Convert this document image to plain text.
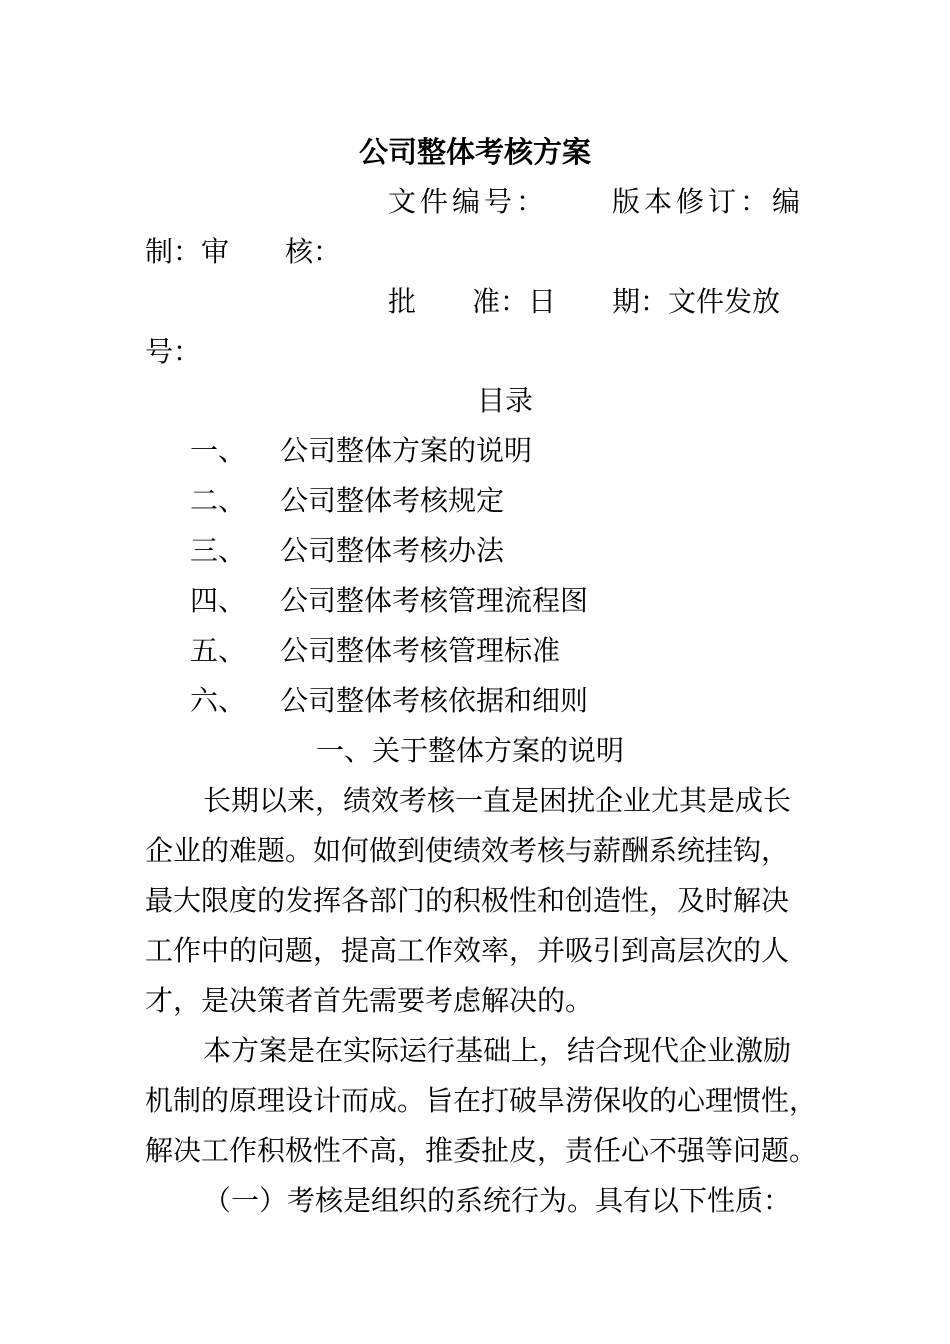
公司整体考核方案
文件编号： 版本修订：编
制：审　　核：
批　　准：日　　期：文件发放
号：
目录
一、 公司整体方案的说明
二、 公司整体考核规定
三、 公司整体考核办法
四、 公司整体考核管理流程图
五、 公司整体考核管理标准
六、 公司整体考核依据和细则
一、关于整体方案的说明
长期以来，绩效考核一直是困扰企业尤其是成长
企业的难题。如何做到使绩效考核与薪酬系统挂钩，
最大限度的发挥各部门的积极性和创造性，及时解决
工作中的问题，提高工作效率，并吸引到高层次的人
才，是决策者首先需要考虑解决的。
本方案是在实际运行基础上，结合现代企业激励
机制的原理设计而成。旨在打破旱涝保收的心理惯性，
解决工作积极性不高，推委扯皮，责任心不强等问题。
（一）考核是组织的系统行为。具有以下性质：
